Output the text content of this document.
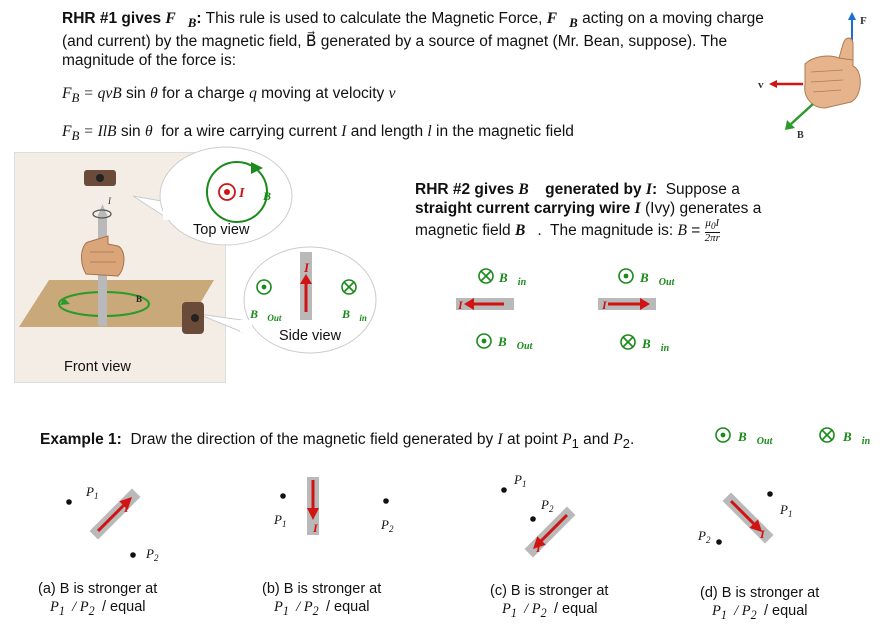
RHR #1 gives $F⃗_B$: This rule is used to calculate the Magnetic Force, $F⃗_B$ acting on a moving charge
(and current) by the magnetic field, B⃗ generated by a source of magnet (Mr. Bean, suppose). The
magnitude of the force is:
$F_B$ = qvB sin θ for a charge q moving at velocity v⃗
$F_B$ = IlB sin θ  for a wire carrying current I and length l in the magnetic field
F⃗
v⃗
B⃗
B
I
Front view
I B⃗
Top view
I
$B⃗_{Out}$	$B⃗_{in}$
Side view
RHR #2 gives B⃗ generated by I:  Suppose a
straight current carrying wire I (Ivy) generates a
magnetic field B⃗.  The magnitude is: $B = \frac{\mu_0I}{2\pi r}$
$B⃗_{in}$
I
$B⃗_{Out}$
$B⃗_{Out}$
I
$B⃗_{in}$
Example 1:  Draw the direction of the magnetic field generated by I at point $P_1$ and $P_2$.	$B⃗_{Out}$	$B⃗_{in}$
$P_1$
I
$P_2$
$P_1$ I	$P_2$
$P_1$
$P_2$
I
$P_1$
I
$P_2$
(a) B is stronger at
$P_1 / P_2$ / equal
(b) B is stronger at
$P_1 / P_2$ / equal
(c) B is stronger at
$P_1 / P_2$ / equal
(d) B is stronger at
$P_1 / P_2$ / equal
